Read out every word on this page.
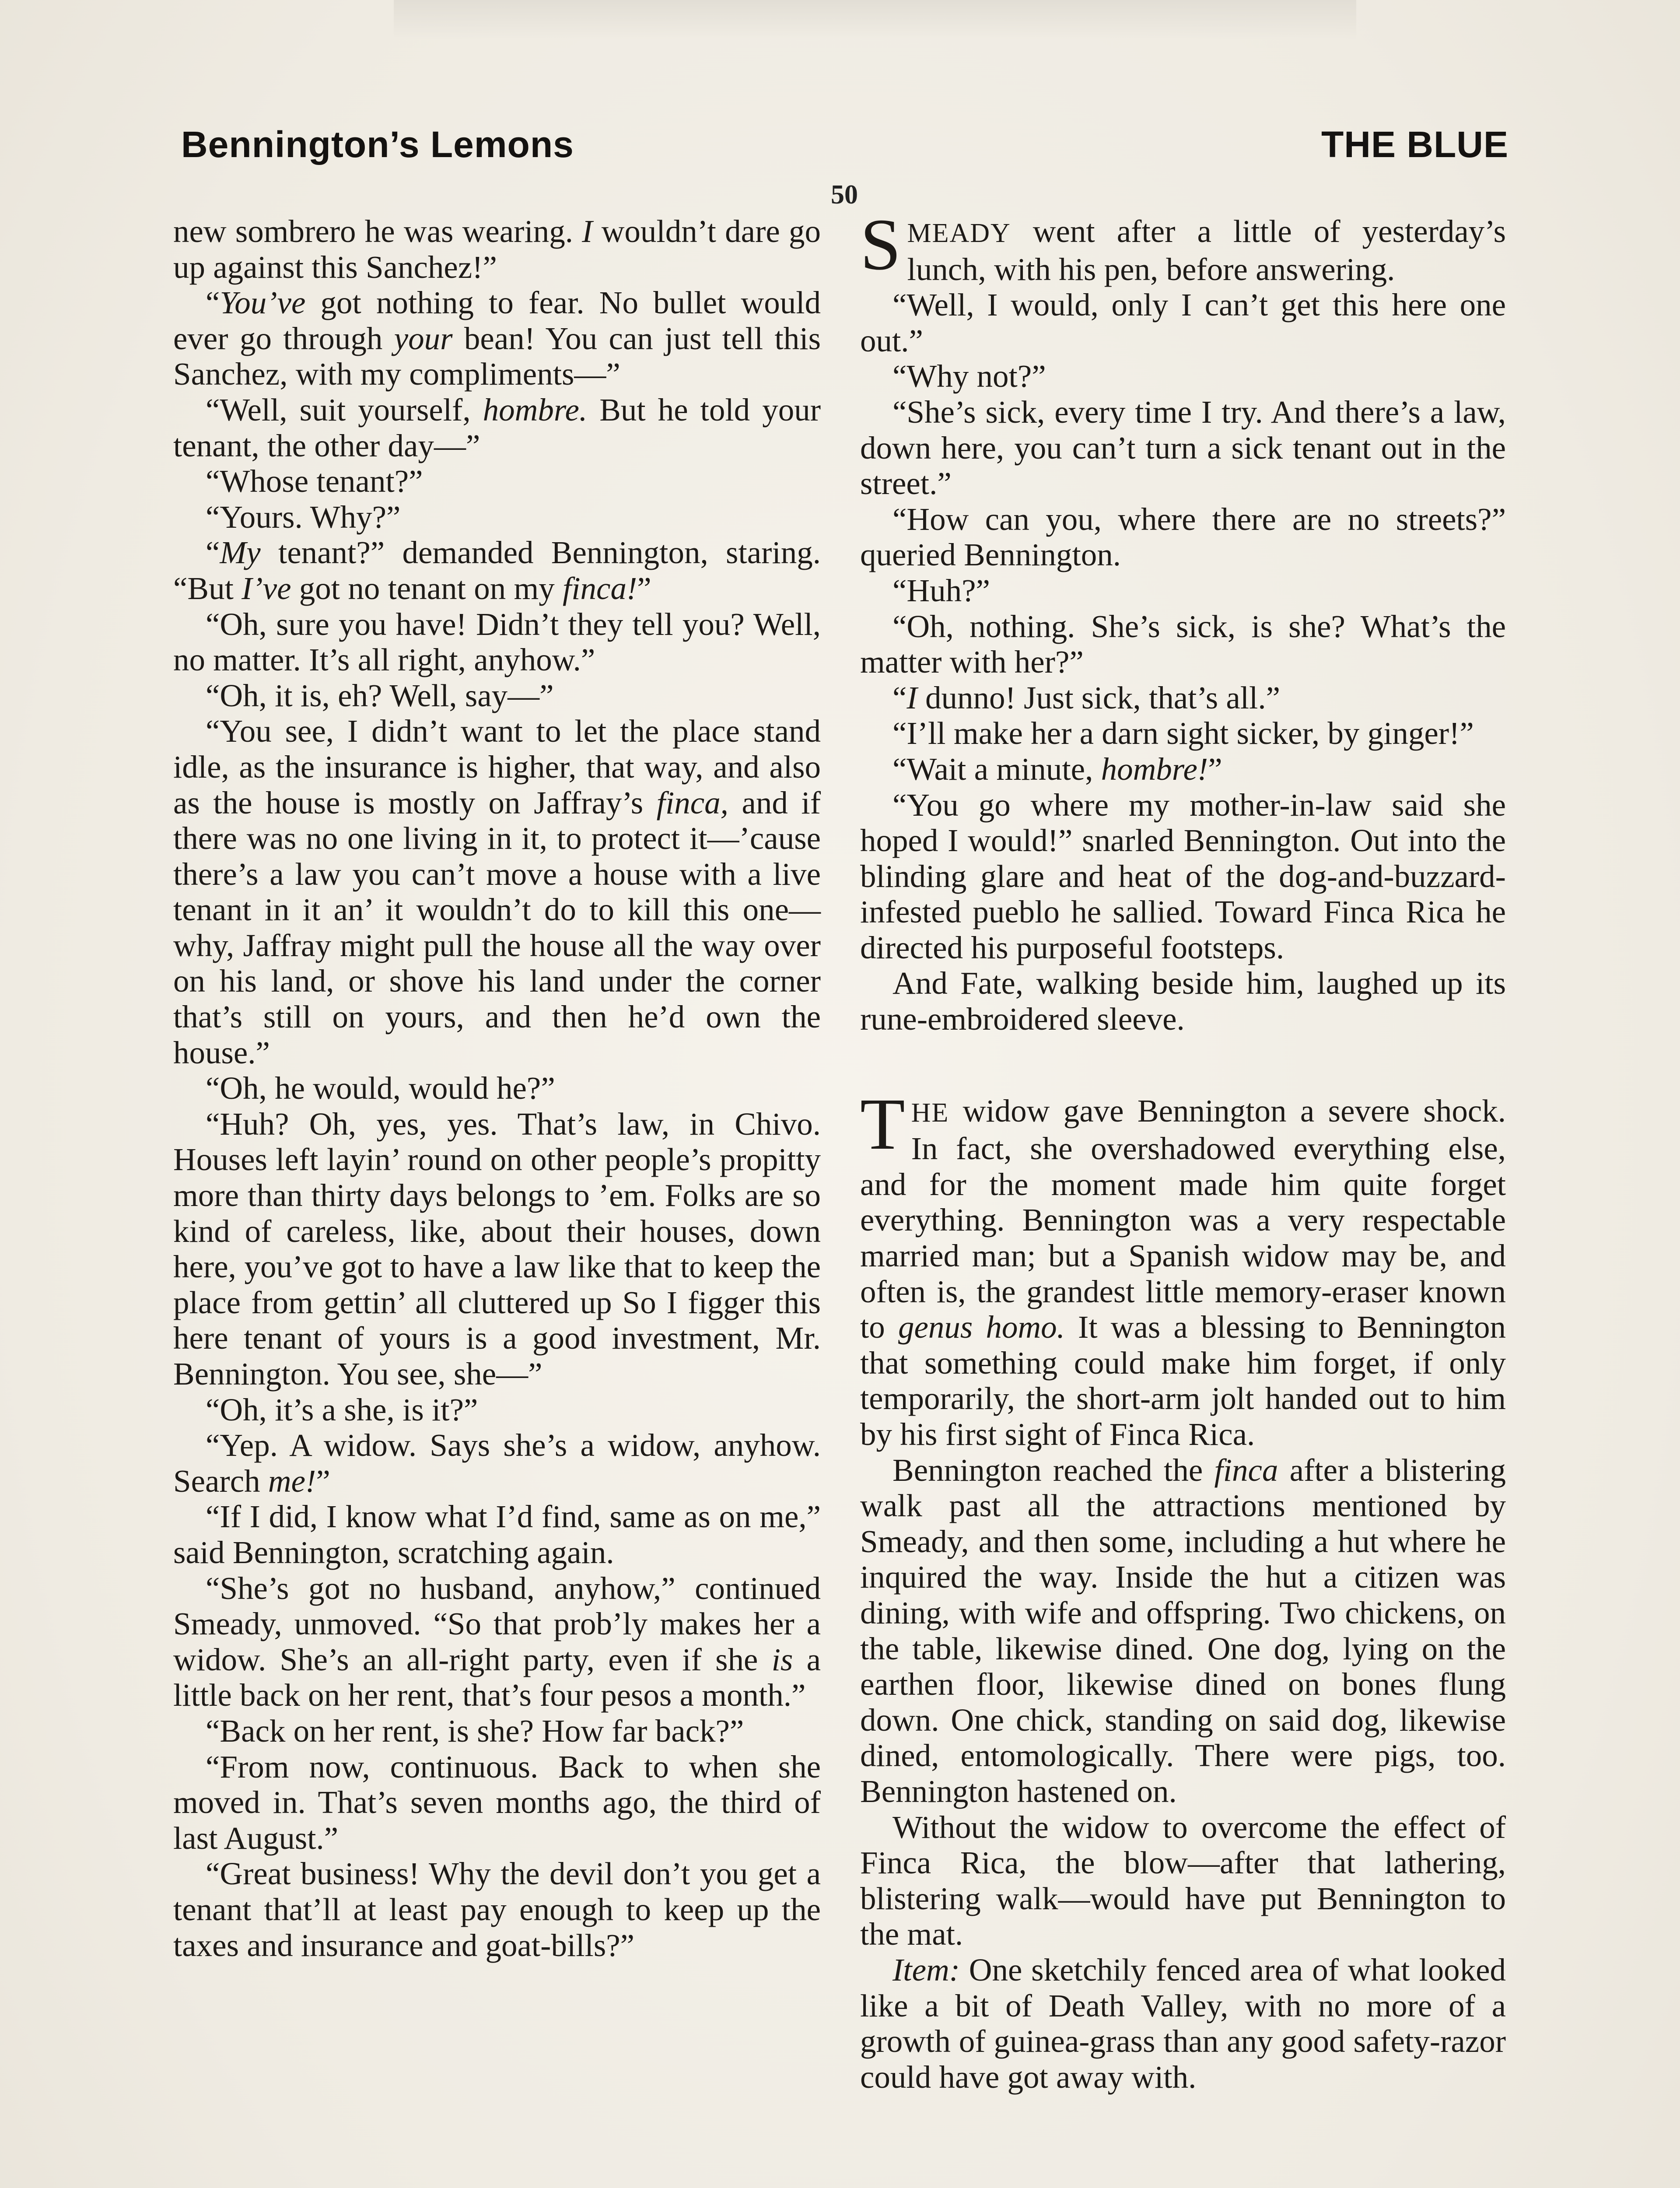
Bennington’s Lemons	THE BLUE
50

new sombrero he was wearing. I wouldn’t dare go up against this Sanchez!”

“You’ve got nothing to fear. No bullet would ever go through your bean! You can just tell this Sanchez, with my compliments—”

“Well, suit yourself, hombre. But he told your tenant, the other day—”

“Whose tenant?”

“Yours. Why?”

“My tenant?” demanded Bennington, staring. “But I’ve got no tenant on my finca!”

“Oh, sure you have! Didn’t they tell you? Well, no matter. It’s all right, anyhow.”

“Oh, it is, eh? Well, say—”

“You see, I didn’t want to let the place stand idle, as the insurance is higher, that way, and also as the house is mostly on Jaffray’s finca, and if there was no one living in it, to protect it—’cause there’s a law you can’t move a house with a live tenant in it an’ it wouldn’t do to kill this one—why, Jaffray might pull the house all the way over on his land, or shove his land under the corner that’s still on yours, and then he’d own the house.”

“Oh, he would, would he?”

“Huh? Oh, yes, yes. That’s law, in Chivo. Houses left layin’ round on other people’s propitty more than thirty days belongs to ’em. Folks are so kind of careless, like, about their houses, down here, you’ve got to have a law like that to keep the place from gettin’ all cluttered up So I figger this here tenant of yours is a good investment, Mr. Bennington. You see, she—”

“Oh, it’s a she, is it?”

“Yep. A widow. Says she’s a widow, anyhow. Search me!”

“If I did, I know what I’d find, same as on me,” said Bennington, scratching again.

“She’s got no husband, anyhow,” continued Smeady, unmoved. “So that prob’ly makes her a widow. She’s an all-right party, even if she is a little back on her rent, that’s four pesos a month.”

“Back on her rent, is she? How far back?”

“From now, continuous. Back to when she moved in. That’s seven months ago, the third of last August.”

“Great business! Why the devil don’t you get a tenant that’ll at least pay enough to keep up the taxes and insurance and goat-bills?”

SMEADY went after a little of yesterday’s lunch, with his pen, before answering.

“Well, I would, only I can’t get this here one out.”

“Why not?”

“She’s sick, every time I try. And there’s a law, down here, you can’t turn a sick tenant out in the street.”

“How can you, where there are no streets?” queried Bennington.

“Huh?”

“Oh, nothing. She’s sick, is she? What’s the matter with her?”

“I dunno! Just sick, that’s all.”

“I’ll make her a darn sight sicker, by ginger!”

“Wait a minute, hombre!”

“You go where my mother-in-law said she hoped I would!” snarled Bennington. Out into the blinding glare and heat of the dog-and-buzzard-infested pueblo he sallied. Toward Finca Rica he directed his purposeful footsteps.

And Fate, walking beside him, laughed up its rune-embroidered sleeve.

THE widow gave Bennington a severe shock. In fact, she overshadowed everything else, and for the moment made him quite forget everything. Bennington was a very respectable married man; but a Spanish widow may be, and often is, the grandest little memory-eraser known to genus homo. It was a blessing to Bennington that something could make him forget, if only temporarily, the short-arm jolt handed out to him by his first sight of Finca Rica.

Bennington reached the finca after a blistering walk past all the attractions mentioned by Smeady, and then some, including a hut where he inquired the way. Inside the hut a citizen was dining, with wife and offspring. Two chickens, on the table, likewise dined. One dog, lying on the earthen floor, likewise dined on bones flung down. One chick, standing on said dog, likewise dined, entomologically. There were pigs, too. Bennington hastened on.

Without the widow to overcome the effect of Finca Rica, the blow—after that lathering, blistering walk—would have put Bennington to the mat.

Item: One sketchily fenced area of what looked like a bit of Death Valley, with no more of a growth of guinea-grass than any good safety-razor could have got away with.
